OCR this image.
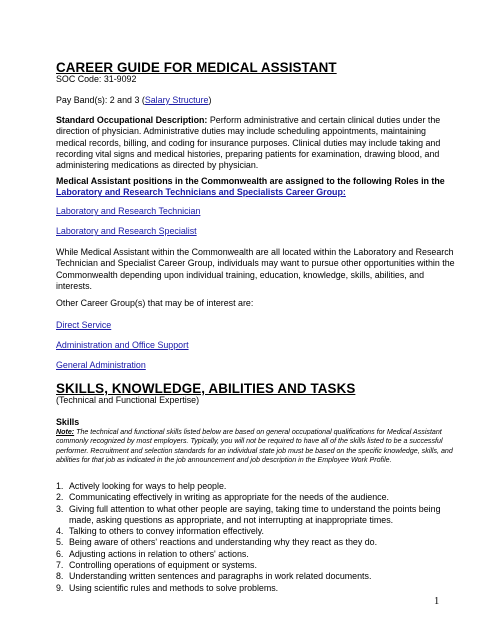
CAREER GUIDE FOR MEDICAL ASSISTANT
SOC Code: 31-9092

Pay Band(s): 2 and 3 (Salary Structure)

Standard Occupational Description: Perform administrative and certain clinical duties under the direction of physician. Administrative duties may include scheduling appointments, maintaining medical records, billing, and coding for insurance purposes. Clinical duties may include taking and recording vital signs and medical histories, preparing patients for examination, drawing blood, and administering medications as directed by physician.

Medical Assistant positions in the Commonwealth are assigned to the following Roles in the Laboratory and Research Technicians and Specialists Career Group:

Laboratory and Research Technician

Laboratory and Research Specialist

While Medical Assistant within the Commonwealth are all located within the Laboratory and Research Technician and Specialist Career Group, individuals may want to pursue other opportunities within the Commonwealth depending upon individual training, education, knowledge, skills, abilities, and interests.

Other Career Group(s) that may be of interest are:

Direct Service

Administration and Office Support

General Administration

SKILLS, KNOWLEDGE, ABILITIES AND TASKS
(Technical and Functional Expertise)
Skills

Note: The technical and functional skills listed below are based on general occupational qualifications for Medical Assistant commonly recognized by most employers. Typically, you will not be required to have all of the skills listed to be a successful performer. Recruitment and selection standards for an individual state job must be based on the specific knowledge, skills, and abilities for that job as indicated in the job announcement and job description in the Employee Work Profile.

1. Actively looking for ways to help people.
2. Communicating effectively in writing as appropriate for the needs of the audience.
3. Giving full attention to what other people are saying, taking time to understand the points being made, asking questions as appropriate, and not interrupting at inappropriate times.
4. Talking to others to convey information effectively.
5. Being aware of others' reactions and understanding why they react as they do.
6. Adjusting actions in relation to others' actions.
7. Controlling operations of equipment or systems.
8. Understanding written sentences and paragraphs in work related documents.
9. Using scientific rules and methods to solve problems.
1
